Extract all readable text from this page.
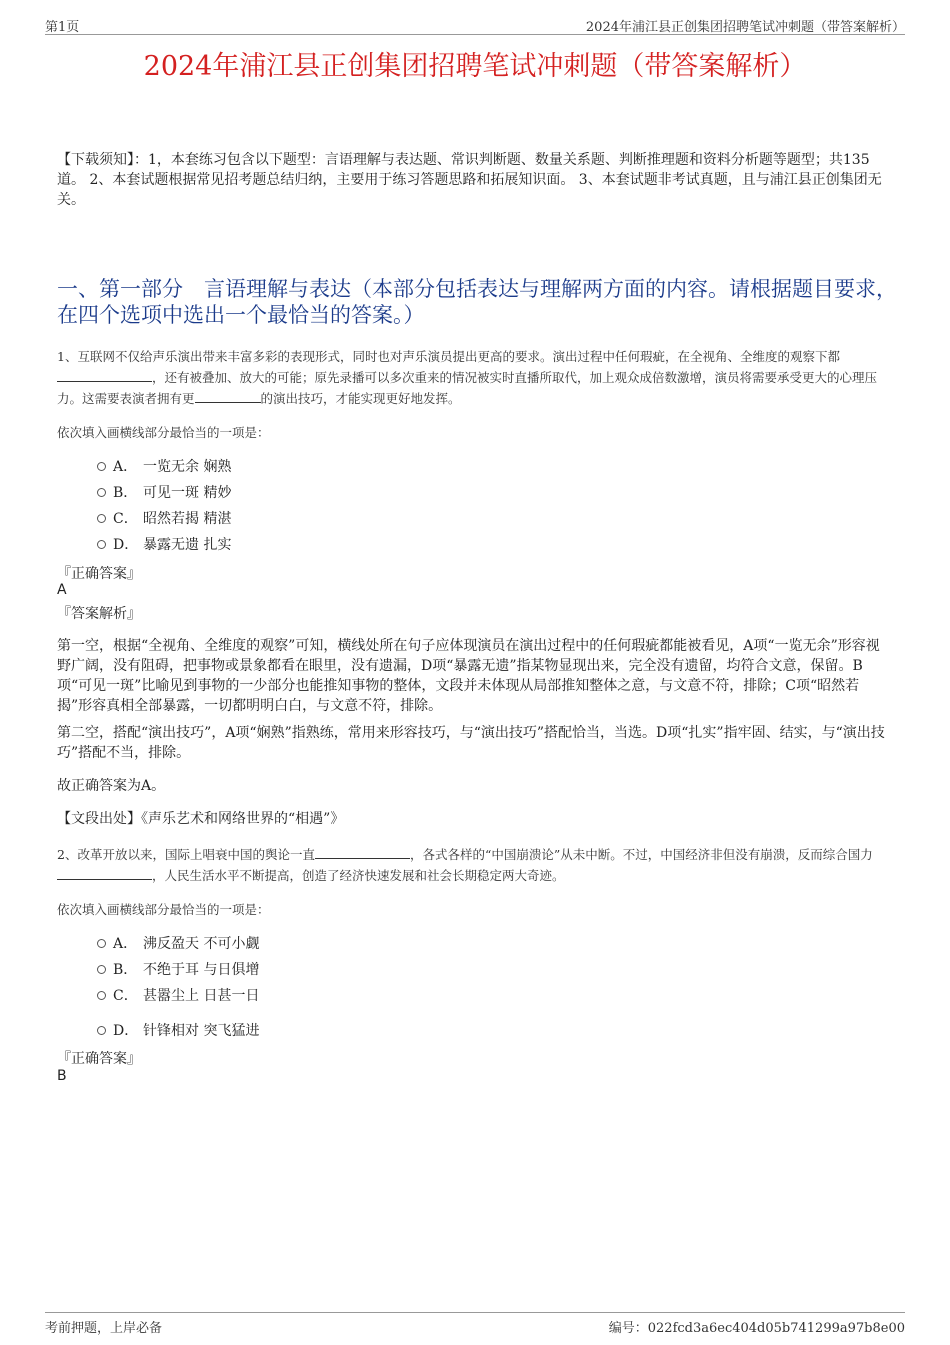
第1页	2024年浦江县正创集团招聘笔试冲刺题（带答案解析）
2024年浦江县正创集团招聘笔试冲刺题（带答案解析）
【下载须知】：1，本套练习包含以下题型：言语理解与表达题、常识判断题、数量关系题、判断推理题和资料分析题等题型；共135道。 2、本套试题根据常见招考题总结归纳，主要用于练习答题思路和拓展知识面。 3、本套试题非考试真题，且与浦江县正创集团无关。
一、第一部分　言语理解与表达（本部分包括表达与理解两方面的内容。请根据题目要求，在四个选项中选出一个最恰当的答案。）
1、互联网不仅给声乐演出带来丰富多彩的表现形式，同时也对声乐演员提出更高的要求。演出过程中任何瑕疵，在全视角、全维度的观察下都，还有被叠加、放大的可能；原先录播可以多次重来的情况被实时直播所取代，加上观众成倍数激增，演员将需要承受更大的心理压力。这需要表演者拥有更	的演出技巧，才能实现更好地发挥。
依次填入画横线部分最恰当的一项是：
A． 一览无余 娴熟
B． 可见一斑 精妙
C． 昭然若揭 精湛
D． 暴露无遗 扎实
『正确答案』
A
『答案解析』

第一空，根据“全视角、全维度的观察”可知，横线处所在句子应体现演员在演出过程中的任何瑕疵都能被看见，A项“一览无余”形容视野广阔，没有阻碍，把事物或景象都看在眼里，没有遗漏，D项“暴露无遗”指某物显现出来，完全没有遗留，均符合文意，保留。B项“可见一斑”比喻见到事物的一少部分也能推知事物的整体，文段并未体现从局部推知整体之意，与文意不符，排除；C项“昭然若揭”形容真相全部暴露，一切都明明白白，与文意不符，排除。

第二空，搭配“演出技巧”，A项“娴熟”指熟练，常用来形容技巧，与“演出技巧”搭配恰当，当选。D项“扎实”指牢固、结实，与“演出技巧”搭配不当，排除。

故正确答案为A。

【文段出处】《声乐艺术和网络世界的“相遇”》

2、改革开放以来，国际上唱衰中国的舆论一直	，各式各样的“中国崩溃论”从未中断。不过，中国经济非但没有崩溃，反而综合国力，人民生活水平不断提高，创造了经济快速发展和社会长期稳定两大奇迹。
依次填入画横线部分最恰当的一项是：
A． 沸反盈天 不可小觑
B． 不绝于耳 与日俱增
C． 甚嚣尘上 日甚一日
D． 针锋相对 突飞猛进
『正确答案』
B
考前押题，上岸必备	编号：022fcd3a6ec404d05b741299a97b8e00
